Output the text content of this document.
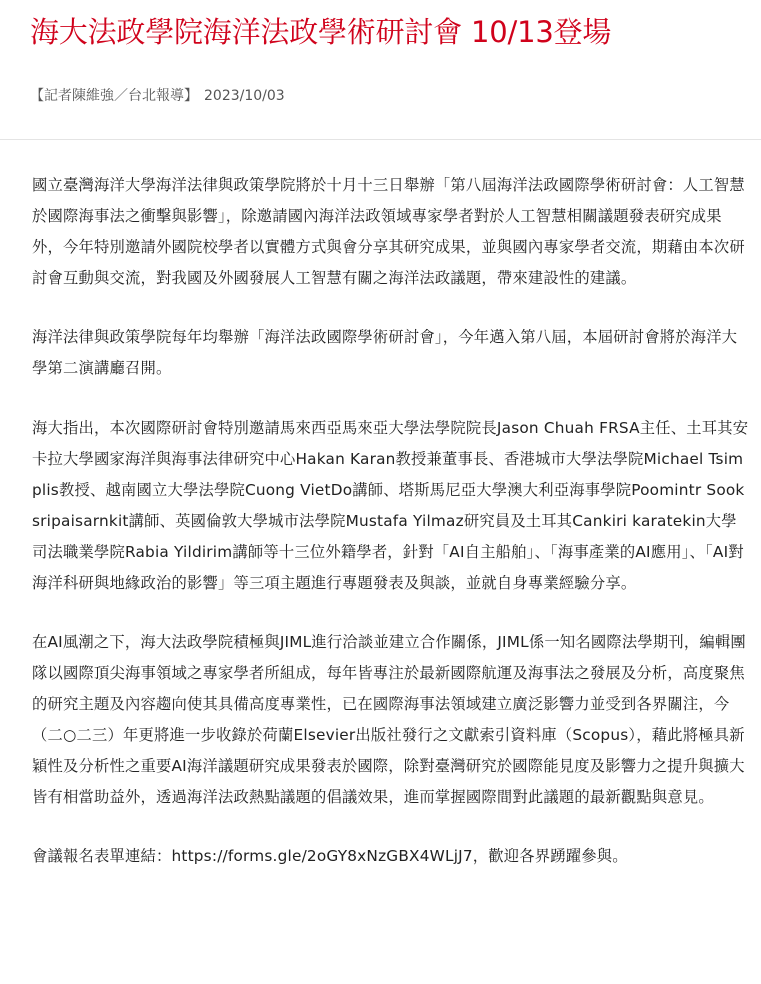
海大法政學院海洋法政學術研討會 10/13登場
【記者陳維強／台北報導】 2023/10/03

國立臺灣海洋大學海洋法律與政策學院將於十月十三日舉辦「第八屆海洋法政國際學術研討會：人工智慧於國際海事法之衝擊與影響」，除邀請國內海洋法政領域專家學者對於人工智慧相關議題發表研究成果外，今年特別邀請外國院校學者以實體方式與會分享其研究成果，並與國內專家學者交流，期藉由本次研討會互動與交流，對我國及外國發展人工智慧有關之海洋法政議題，帶來建設性的建議。

海洋法律與政策學院每年均舉辦「海洋法政國際學術研討會」，今年邁入第八屆，本屆研討會將於海洋大學第二演講廳召開。

海大指出，本次國際研討會特別邀請馬來西亞馬來亞大學法學院院長Jason Chuah FRSA主任、土耳其安卡拉大學國家海洋與海事法律研究中心Hakan Karan教授兼董事長、香港城市大學法學院Michael Tsimplis教授、越南國立大學法學院Cuong VietDo講師、塔斯馬尼亞大學澳大利亞海事學院Poomintr Sooksripaisarnkit講師、英國倫敦大學城市法學院Mustafa Yilmaz研究員及土耳其Cankiri karatekin大學司法職業學院Rabia Yildirim講師等十三位外籍學者，針對「AI自主船舶」、「海事產業的AI應用」、「AI對海洋科研與地緣政治的影響」等三項主題進行專題發表及與談，並就自身專業經驗分享。

在AI風潮之下，海大法政學院積極與JIML進行洽談並建立合作關係，JIML係一知名國際法學期刊，編輯團隊以國際頂尖海事領域之專家學者所組成，每年皆專注於最新國際航運及海事法之發展及分析，高度聚焦的研究主題及內容趨向使其具備高度專業性，已在國際海事法領域建立廣泛影響力並受到各界關注，今（二○二三）年更將進一步收錄於荷蘭Elsevier出版社發行之文獻索引資料庫（Scopus），藉此將極具新穎性及分析性之重要AI海洋議題研究成果發表於國際，除對臺灣研究於國際能見度及影響力之提升與擴大皆有相當助益外，透過海洋法政熱點議題的倡議效果，進而掌握國際間對此議題的最新觀點與意見。

會議報名表單連結：https://forms.gle/2oGY8xNzGBX4WLjJ7，歡迎各界踴躍參與。
